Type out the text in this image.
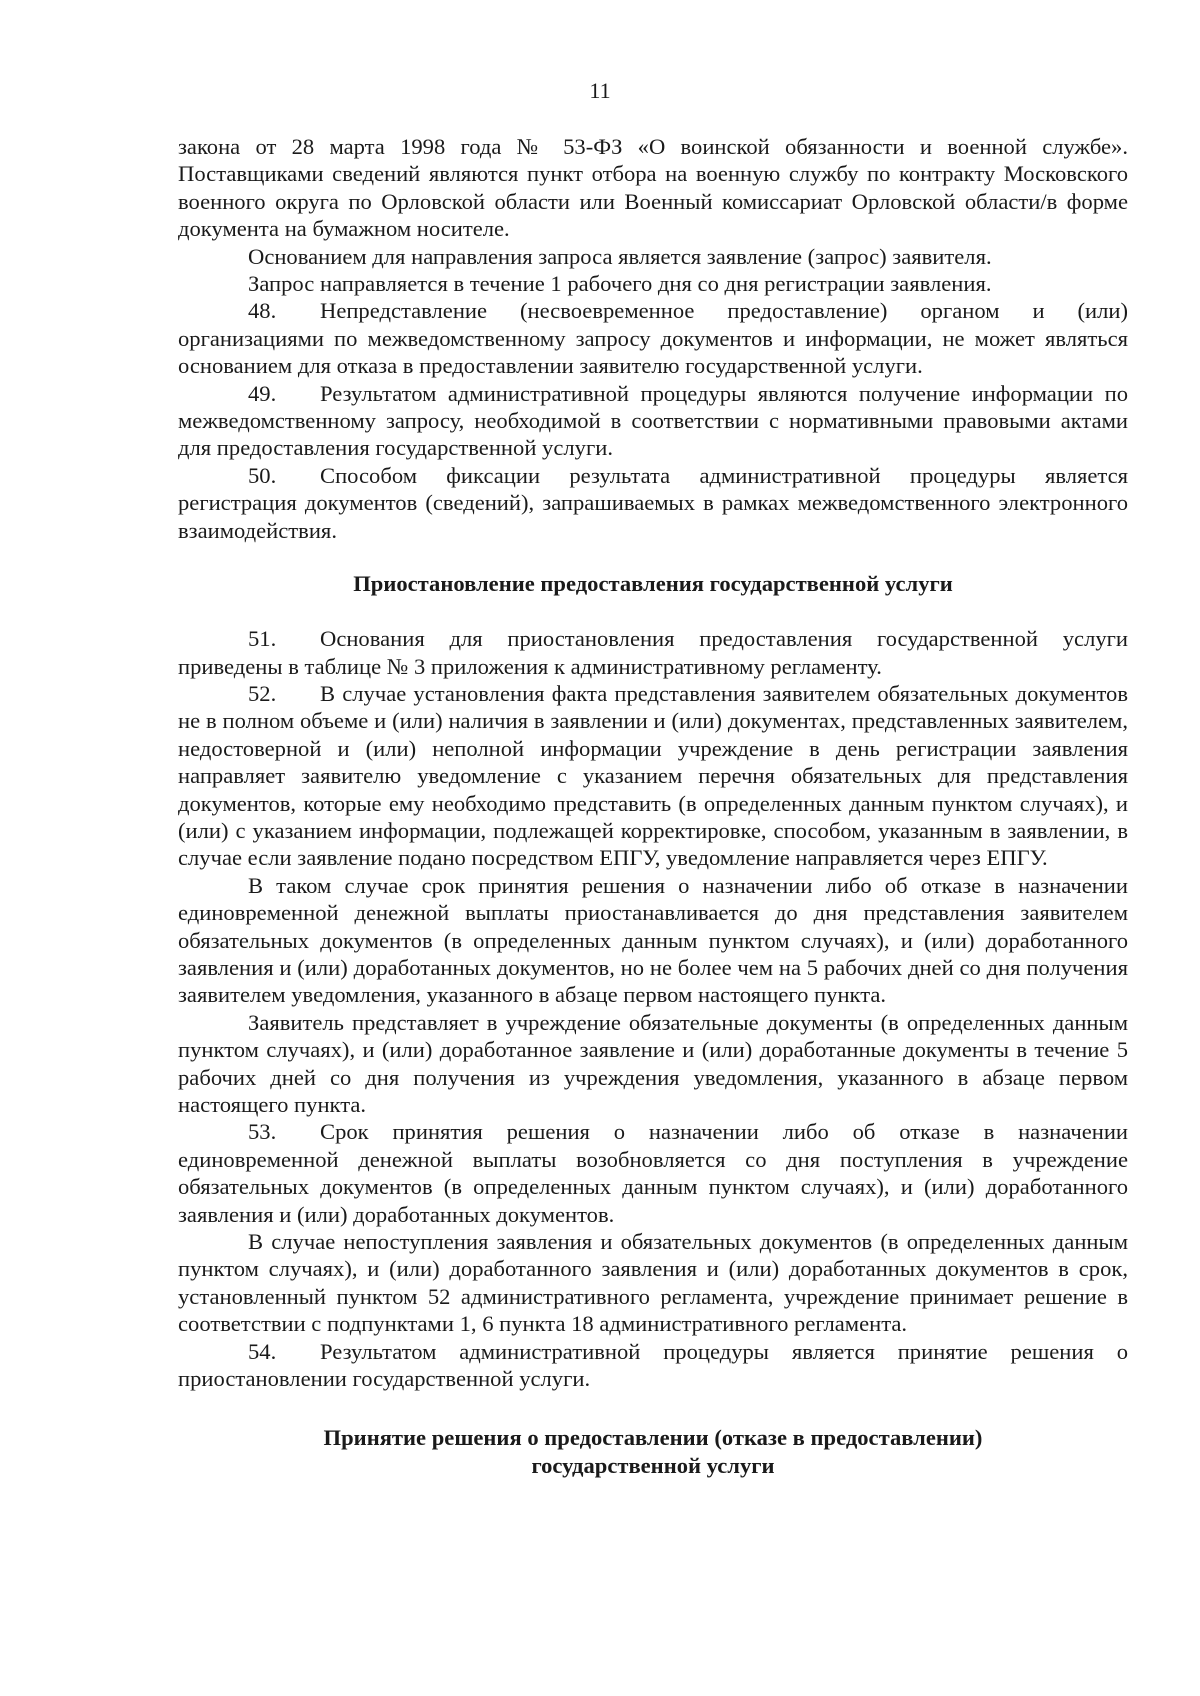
11

закона от 28 марта 1998 года № 53-ФЗ «О воинской обязанности и военной службе». Поставщиками сведений являются пункт отбора на военную службу по контракту Московского военного округа по Орловской области или Военный комиссариат Орловской области/в форме документа на бумажном носителе.

Основанием для направления запроса является заявление (запрос) заявителя.

Запрос направляется в течение 1 рабочего дня со дня регистрации заявления.

48. Непредставление (несвоевременное предоставление) органом и (или) организациями по межведомственному запросу документов и информации, не может являться основанием для отказа в предоставлении заявителю государственной услуги.

49. Результатом административной процедуры являются получение информации по межведомственному запросу, необходимой в соответствии с нормативными правовыми актами для предоставления государственной услуги.

50. Способом фиксации результата административной процедуры является регистрация документов (сведений), запрашиваемых в рамках межведомственного электронного взаимодействия.

Приостановление предоставления государственной услуги

51. Основания для приостановления предоставления государственной услуги приведены в таблице № 3 приложения к административному регламенту.

52. В случае установления факта представления заявителем обязательных документов не в полном объеме и (или) наличия в заявлении и (или) документах, представленных заявителем, недостоверной и (или) неполной информации учреждение в день регистрации заявления направляет заявителю уведомление с указанием перечня обязательных для представления документов, которые ему необходимо представить (в определенных данным пунктом случаях), и (или) с указанием информации, подлежащей корректировке, способом, указанным в заявлении, в случае если заявление подано посредством ЕПГУ, уведомление направляется через ЕПГУ.

В таком случае срок принятия решения о назначении либо об отказе в назначении единовременной денежной выплаты приостанавливается до дня представления заявителем обязательных документов (в определенных данным пунктом случаях), и (или) доработанного заявления и (или) доработанных документов, но не более чем на 5 рабочих дней со дня получения заявителем уведомления, указанного в абзаце первом настоящего пункта.

Заявитель представляет в учреждение обязательные документы (в определенных данным пунктом случаях), и (или) доработанное заявление и (или) доработанные документы в течение 5 рабочих дней со дня получения из учреждения уведомления, указанного в абзаце первом настоящего пункта.

53. Срок принятия решения о назначении либо об отказе в назначении единовременной денежной выплаты возобновляется со дня поступления в учреждение обязательных документов (в определенных данным пунктом случаях), и (или) доработанного заявления и (или) доработанных документов.

В случае непоступления заявления и обязательных документов (в определенных данным пунктом случаях), и (или) доработанного заявления и (или) доработанных документов в срок, установленный пунктом 52 административного регламента, учреждение принимает решение в соответствии с подпунктами 1, 6 пункта 18 административного регламента.

54. Результатом административной процедуры является принятие решения о приостановлении государственной услуги.

Принятие решения о предоставлении (отказе в предоставлении)
государственной услуги
